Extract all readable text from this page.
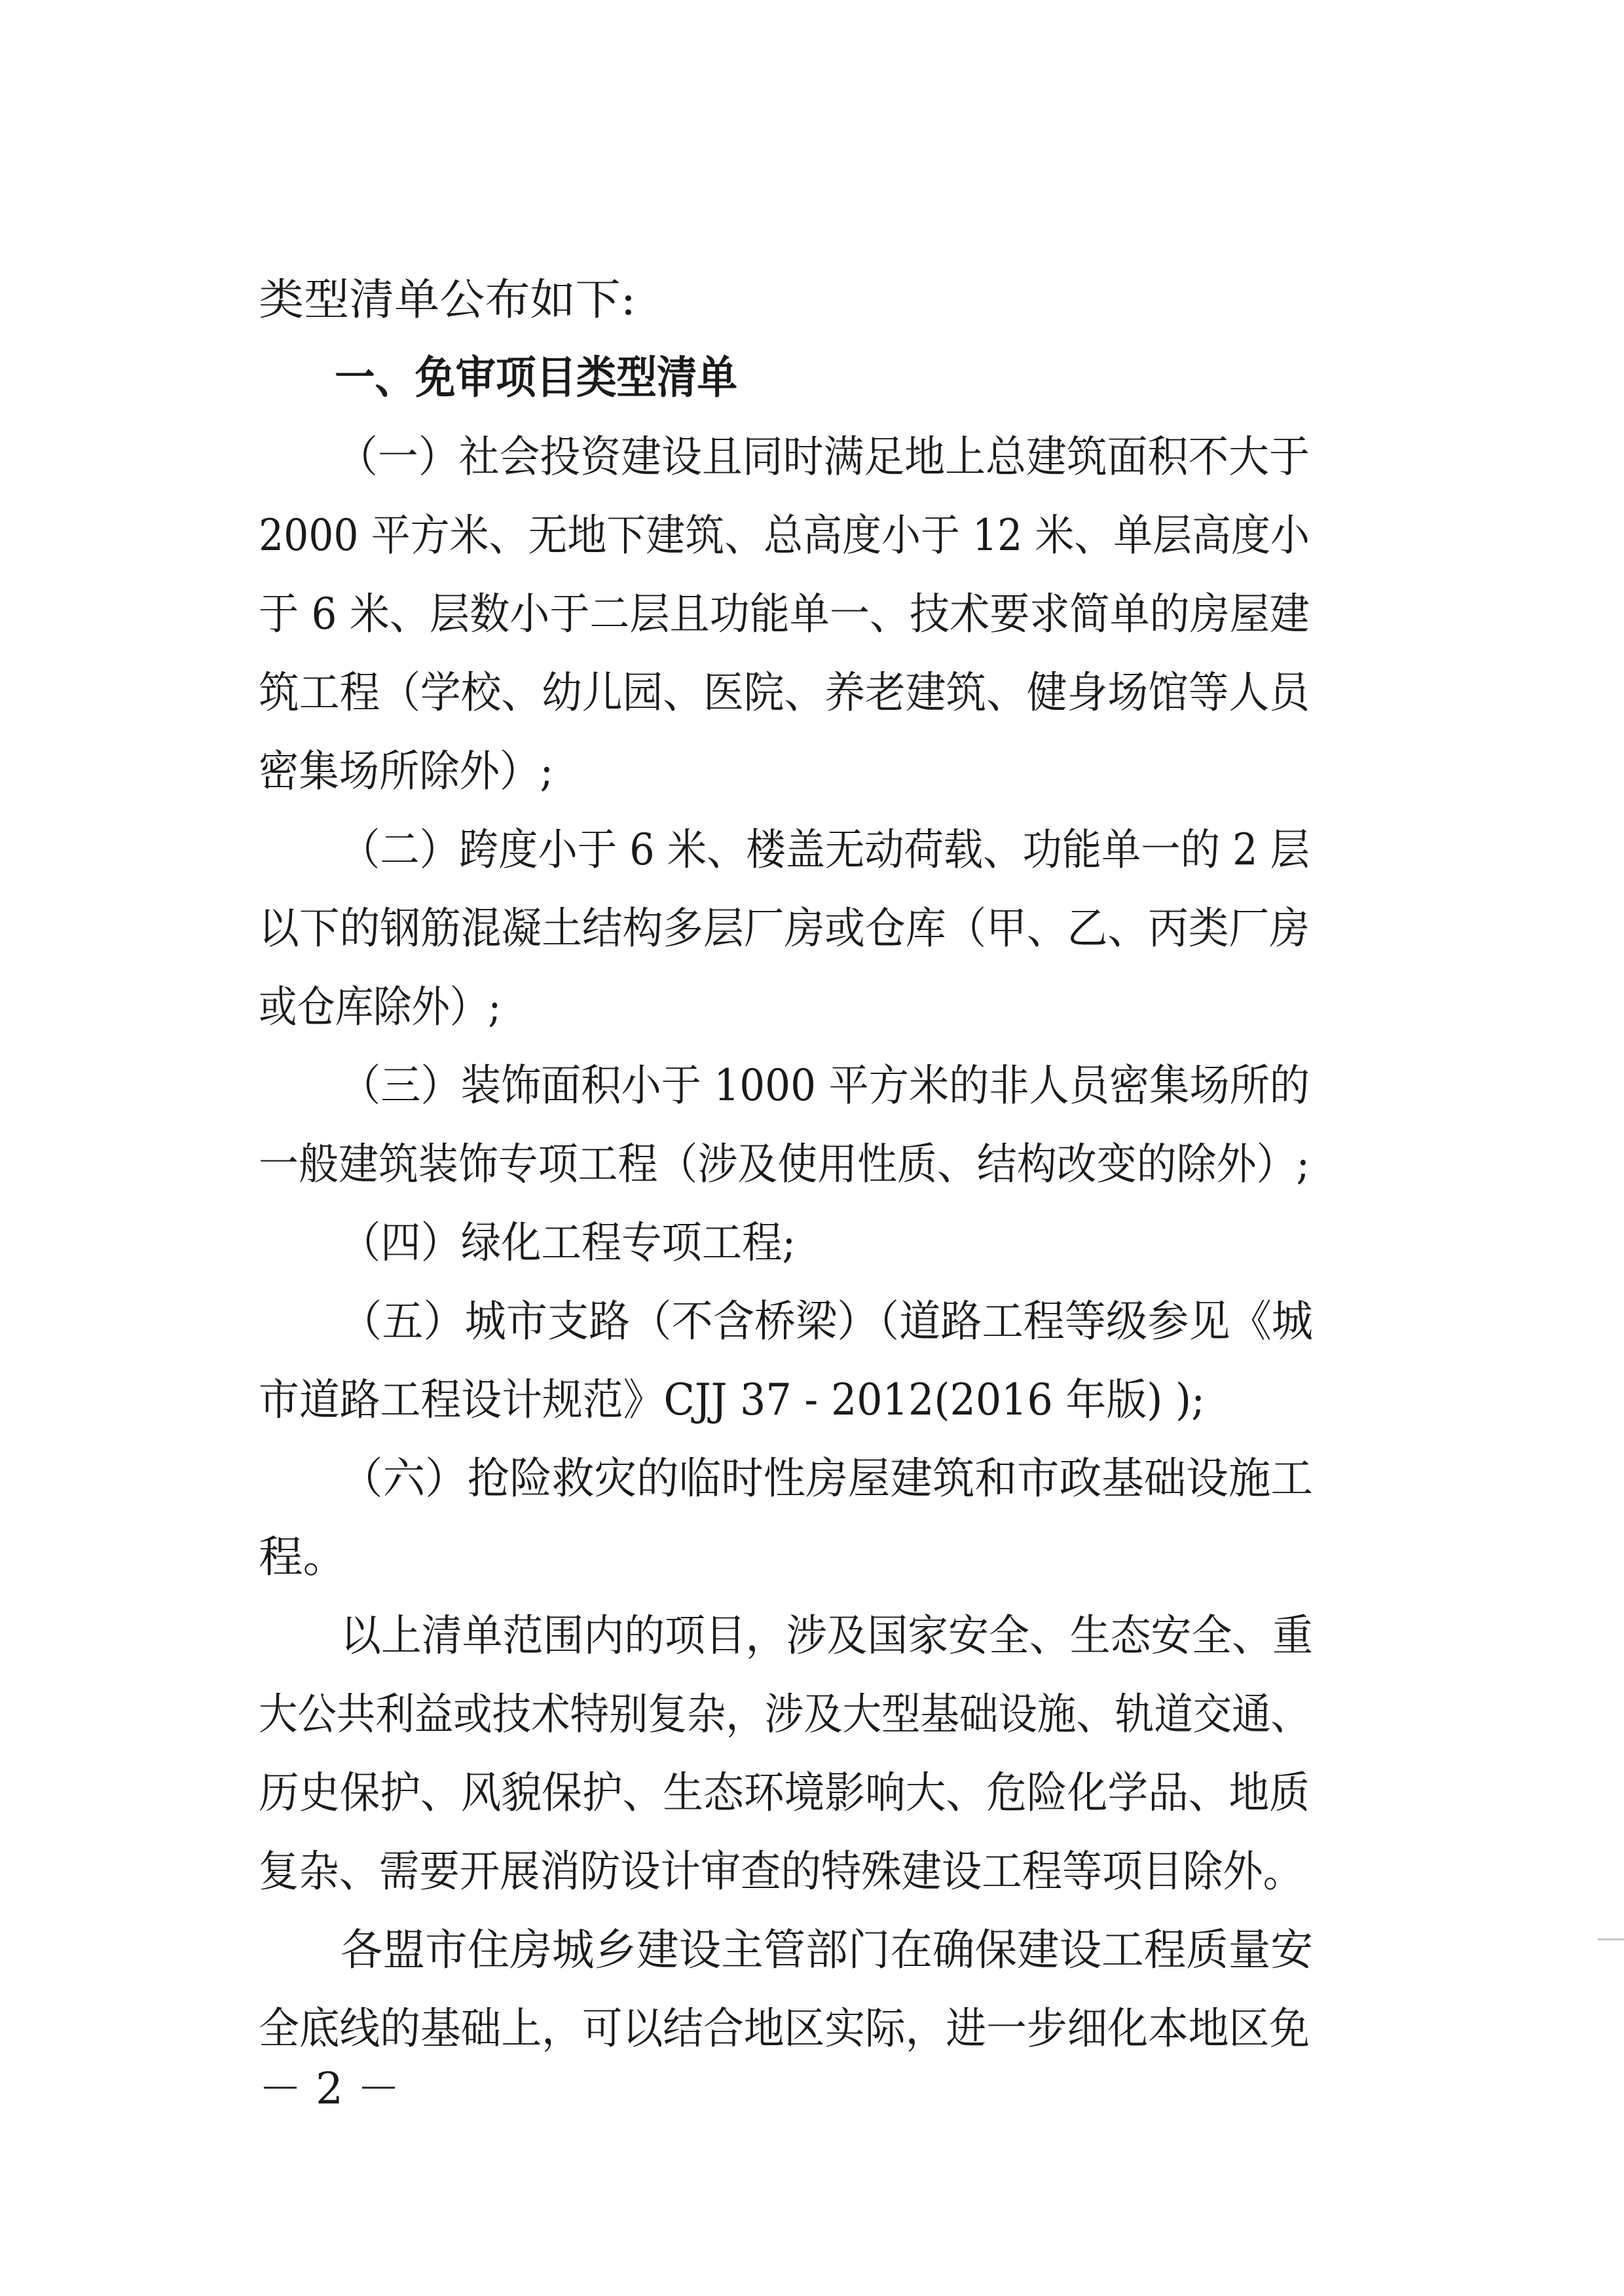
类型清单公布如下:
一、免审项目类型清单
（一）社会投资建设且同时满足地上总建筑面积不大于
2000 平方米、无地下建筑、总高度小于 12 米、单层高度小
于 6 米、层数小于二层且功能单一、技术要求简单的房屋建
筑工程（学校、幼儿园、医院、养老建筑、健身场馆等人员
密集场所除外）;
（二）跨度小于 6 米、楼盖无动荷载、功能单一的 2 层
以下的钢筋混凝土结构多层厂房或仓库（甲、乙、丙类厂房
或仓库除外）;
（三）装饰面积小于 1000 平方米的非人员密集场所的
一般建筑装饰专项工程（涉及使用性质、结构改变的除外）;
（四）绿化工程专项工程;
（五）城市支路（不含桥梁）（道路工程等级参见《城
市道路工程设计规范》CJJ 37 - 2012(2016 年版) );
（六）抢险救灾的临时性房屋建筑和市政基础设施工
程。
以上清单范围内的项目，涉及国家安全、生态安全、重
大公共利益或技术特别复杂，涉及大型基础设施、轨道交通、
历史保护、风貌保护、生态环境影响大、危险化学品、地质
复杂、需要开展消防设计审查的特殊建设工程等项目除外。
各盟市住房城乡建设主管部门在确保建设工程质量安
全底线的基础上，可以结合地区实际，进一步细化本地区免
－ 2 －
